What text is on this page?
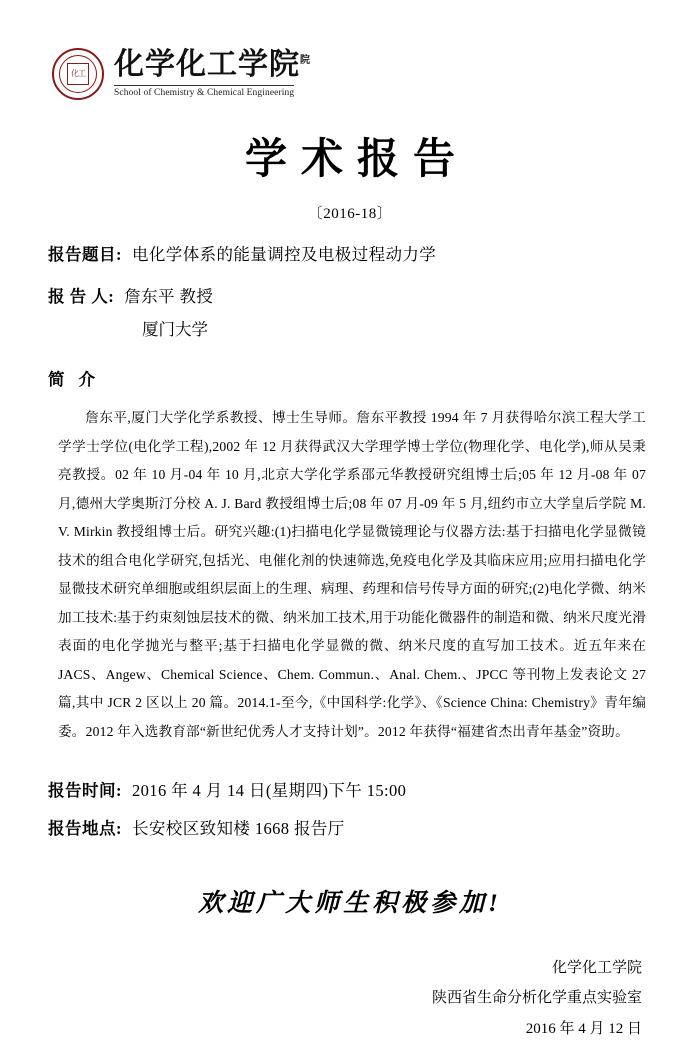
化工 化学化工学院$^院$
School of Chemistry & Chemical Engineering
学术报告
〔2016-18〕
报告题目: 电化学体系的能量调控及电极过程动力学
报 告 人: 詹东平 教授
厦门大学
简介
詹东平,厦门大学化学系教授、博士生导师。詹东平教授 1994 年 7 月获得哈尔滨工程大学工学学士学位(电化学工程),2002 年 12 月获得武汉大学理学博士学位(物理化学、电化学),师从吴秉亮教授。02 年 10 月-04 年 10 月,北京大学化学系邵元华教授研究组博士后;05 年 12 月-08 年 07 月,德州大学奥斯汀分校 A. J. Bard 教授组博士后;08 年 07 月-09 年 5 月,纽约市立大学皇后学院 M. V. Mirkin 教授组博士后。研究兴趣:(1)扫描电化学显微镜理论与仪器方法:基于扫描电化学显微镜技术的组合电化学研究,包括光、电催化剂的快速筛选,免疫电化学及其临床应用;应用扫描电化学显微技术研究单细胞或组织层面上的生理、病理、药理和信号传导方面的研究;(2)电化学微、纳米加工技术:基于约束刻蚀层技术的微、纳米加工技术,用于功能化微器件的制造和微、纳米尺度光滑表面的电化学抛光与整平;基于扫描电化学显微的微、纳米尺度的直写加工技术。近五年来在 JACS、Angew、Chemical Science、Chem. Commun.、Anal. Chem.、JPCC 等刊物上发表论文 27 篇,其中 JCR 2 区以上 20 篇。2014.1-至今,《中国科学:化学》、《Science China: Chemistry》青年编委。2012 年入选教育部“新世纪优秀人才支持计划”。2012 年获得“福建省杰出青年基金”资助。
报告时间: 2016 年 4 月 14 日(星期四)下午 15:00
报告地点: 长安校区致知楼 1668 报告厅
欢迎广大师生积极参加!
化学化工学院
陕西省生命分析化学重点实验室
2016 年 4 月 12 日
